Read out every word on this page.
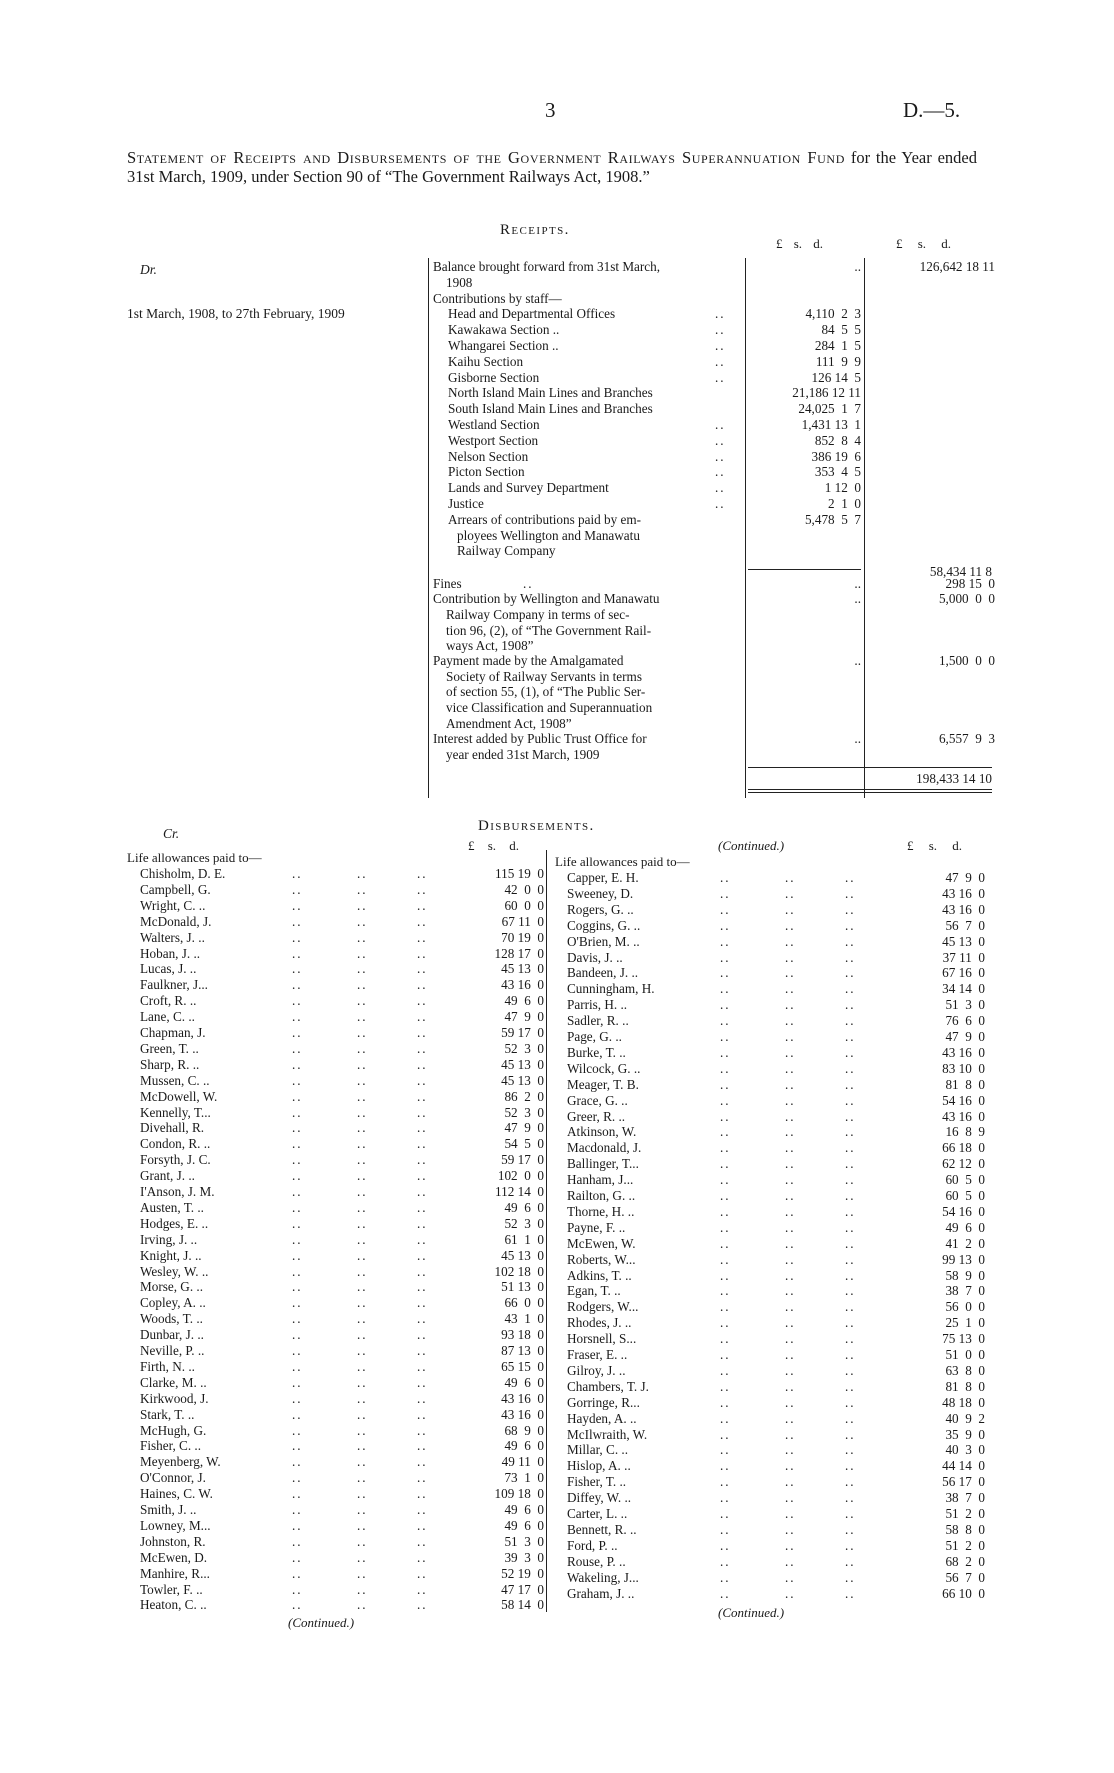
3	D.—5.
Statement of Receipts and Disbursements of the Government Railways Superannuation Fund for the Year ended 31st March, 1909, under Section 90 of “The Government Railways Act, 1908.”
Receipts.
Dr.
1st March, 1908, to 27th February, 1909
£ s. d.	£ s. d.
Balance brought forward from 31st March,	..	126,642 18 11
1908
Contributions by staff—
Head and Departmental Offices	..	4,110  2  3
Kawakawa Section ..	..	84  5  5
Whangarei Section ..	..	284  1  5
Kaihu Section	..	111  9  9
Gisborne Section	..	126 14  5
North Island Main Lines and Branches	21,186 12 11
South Island Main Lines and Branches	24,025  1  7
Westland Section	..	1,431 13  1
Westport Section	..	852  8  4
Nelson Section	..	386 19  6
Picton Section	..	353  4  5
Lands and Survey Department	..	1 12  0
Justice	..	2  1  0
Arrears of contributions paid by em-	5,478  5  7
ployees Wellington and Manawatu
Railway Company
58,434 11 8
Fines	..	..	298 15  0
Contribution by Wellington and Manawatu	..	5,000  0  0
Railway Company in terms of sec-
tion 96, (2), of “The Government Rail-
ways Act, 1908”
Payment made by the Amalgamated	..	1,500  0  0
Society of Railway Servants in terms
of section 55, (1), of “The Public Ser-
vice Classification and Superannuation
Amendment Act, 1908”
Interest added by Public Trust Office for	..	6,557  9  3
year ended 31st March, 1909
198,433 14 10
Disbursements.
Cr.
(Continued.)
£ s. d.	£ s. d.
Life allowances paid to—	Life allowances paid to—
Chisholm, D. E.	..	..	..	115 19  0
Campbell, G.	..	..	..	42  0  0
Wright, C. ..	..	..	..	60  0  0
McDonald, J.	..	..	..	67 11  0
Walters, J. ..	..	..	..	70 19  0
Hoban, J. ..	..	..	..	128 17  0
Lucas, J. ..	..	..	..	45 13  0
Faulkner, J...	..	..	..	43 16  0
Croft, R. ..	..	..	..	49  6  0
Lane, C. ..	..	..	..	47  9  0
Chapman, J.	..	..	..	59 17  0
Green, T. ..	..	..	..	52  3  0
Sharp, R. ..	..	..	..	45 13  0
Mussen, C. ..	..	..	..	45 13  0
McDowell, W.	..	..	..	86  2  0
Kennelly, T...	..	..	..	52  3  0
Divehall, R.	..	..	..	47  9  0
Condon, R. ..	..	..	..	54  5  0
Forsyth, J. C.	..	..	..	59 17  0
Grant, J. ..	..	..	..	102  0  0
I'Anson, J. M.	..	..	..	112 14  0
Austen, T. ..	..	..	..	49  6  0
Hodges, E. ..	..	..	..	52  3  0
Irving, J. ..	..	..	..	61  1  0
Knight, J. ..	..	..	..	45 13  0
Wesley, W. ..	..	..	..	102 18  0
Morse, G. ..	..	..	..	51 13  0
Copley, A. ..	..	..	..	66  0  0
Woods, T. ..	..	..	..	43  1  0
Dunbar, J. ..	..	..	..	93 18  0
Neville, P. ..	..	..	..	87 13  0
Firth, N. ..	..	..	..	65 15  0
Clarke, M. ..	..	..	..	49  6  0
Kirkwood, J.	..	..	..	43 16  0
Stark, T. ..	..	..	..	43 16  0
McHugh, G.	..	..	..	68  9  0
Fisher, C. ..	..	..	..	49  6  0
Meyenberg, W.	..	..	..	49 11  0
O'Connor, J.	..	..	..	73  1  0
Haines, C. W.	..	..	..	109 18  0
Smith, J. ..	..	..	..	49  6  0
Lowney, M...	..	..	..	49  6  0
Johnston, R.	..	..	..	51  3  0
McEwen, D.	..	..	..	39  3  0
Manhire, R...	..	..	..	52 19  0
Towler, F. ..	..	..	..	47 17  0
Heaton, C. ..	..	..	..	58 14  0
Capper, E. H.	..	..	..	47  9  0
Sweeney, D.	..	..	..	43 16  0
Rogers, G. ..	..	..	..	43 16  0
Coggins, G. ..	..	..	..	56  7  0
O'Brien, M. ..	..	..	..	45 13  0
Davis, J. ..	..	..	..	37 11  0
Bandeen, J. ..	..	..	..	67 16  0
Cunningham, H.	..	..	..	34 14  0
Parris, H. ..	..	..	..	51  3  0
Sadler, R. ..	..	..	..	76  6  0
Page, G. ..	..	..	..	47  9  0
Burke, T. ..	..	..	..	43 16  0
Wilcock, G. ..	..	..	..	83 10  0
Meager, T. B.	..	..	..	81  8  0
Grace, G. ..	..	..	..	54 16  0
Greer, R. ..	..	..	..	43 16  0
Atkinson, W.	..	..	..	16  8  9
Macdonald, J.	..	..	..	66 18  0
Ballinger, T...	..	..	..	62 12  0
Hanham, J...	..	..	..	60  5  0
Railton, G. ..	..	..	..	60  5  0
Thorne, H. ..	..	..	..	54 16  0
Payne, F. ..	..	..	..	49  6  0
McEwen, W.	..	..	..	41  2  0
Roberts, W...	..	..	..	99 13  0
Adkins, T. ..	..	..	..	58  9  0
Egan, T. ..	..	..	..	38  7  0
Rodgers, W...	..	..	..	56  0  0
Rhodes, J. ..	..	..	..	25  1  0
Horsnell, S...	..	..	..	75 13  0
Fraser, E. ..	..	..	..	51  0  0
Gilroy, J. ..	..	..	..	63  8  0
Chambers, T. J.	..	..	..	81  8  0
Gorringe, R...	..	..	..	48 18  0
Hayden, A. ..	..	..	..	40  9  2
McIlwraith, W.	..	..	..	35  9  0
Millar, C. ..	..	..	..	40  3  0
Hislop, A. ..	..	..	..	44 14  0
Fisher, T. ..	..	..	..	56 17  0
Diffey, W. ..	..	..	..	38  7  0
Carter, L. ..	..	..	..	51  2  0
Bennett, R. ..	..	..	..	58  8  0
Ford, P. ..	..	..	..	51  2  0
Rouse, P. ..	..	..	..	68  2  0
Wakeling, J...	..	..	..	56  7  0
Graham, J. ..	..	..	..	66 10  0
(Continued.)
(Continued.)
